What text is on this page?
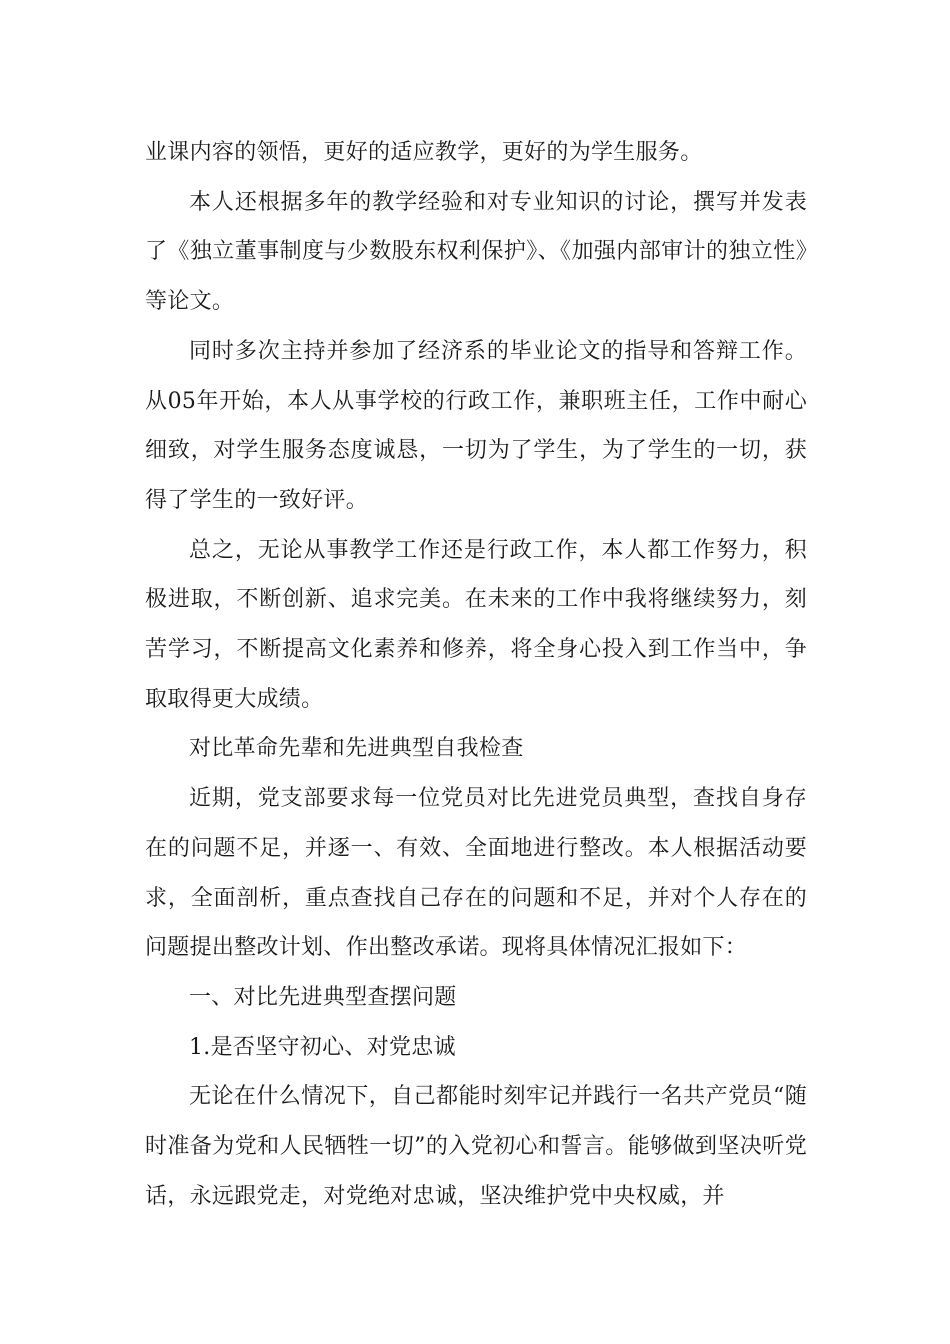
业课内容的领悟，更好的适应教学，更好的为学生服务。

本人还根据多年的教学经验和对专业知识的讨论，撰写并发表了《独立董事制度与少数股东权利保护》、《加强内部审计的独立性》等论文。

同时多次主持并参加了经济系的毕业论文的指导和答辩工作。从05年开始，本人从事学校的行政工作，兼职班主任，工作中耐心细致，对学生服务态度诚恳，一切为了学生，为了学生的一切，获得了学生的一致好评。

总之，无论从事教学工作还是行政工作，本人都工作努力，积极进取，不断创新、追求完美。在未来的工作中我将继续努力，刻苦学习，不断提高文化素养和修养，将全身心投入到工作当中，争取取得更大成绩。

对比革命先辈和先进典型自我检查

近期，党支部要求每一位党员对比先进党员典型，查找自身存在的问题不足，并逐一、有效、全面地进行整改。本人根据活动要求，全面剖析，重点查找自己存在的问题和不足，并对个人存在的问题提出整改计划、作出整改承诺。现将具体情况汇报如下：

一、对比先进典型查摆问题

1.是否坚守初心、对党忠诚

无论在什么情况下，自己都能时刻牢记并践行一名共产党员“随时准备为党和人民牺牲一切”的入党初心和誓言。能够做到坚决听党话，永远跟党走，对党绝对忠诚，坚决维护党中央权威，并
